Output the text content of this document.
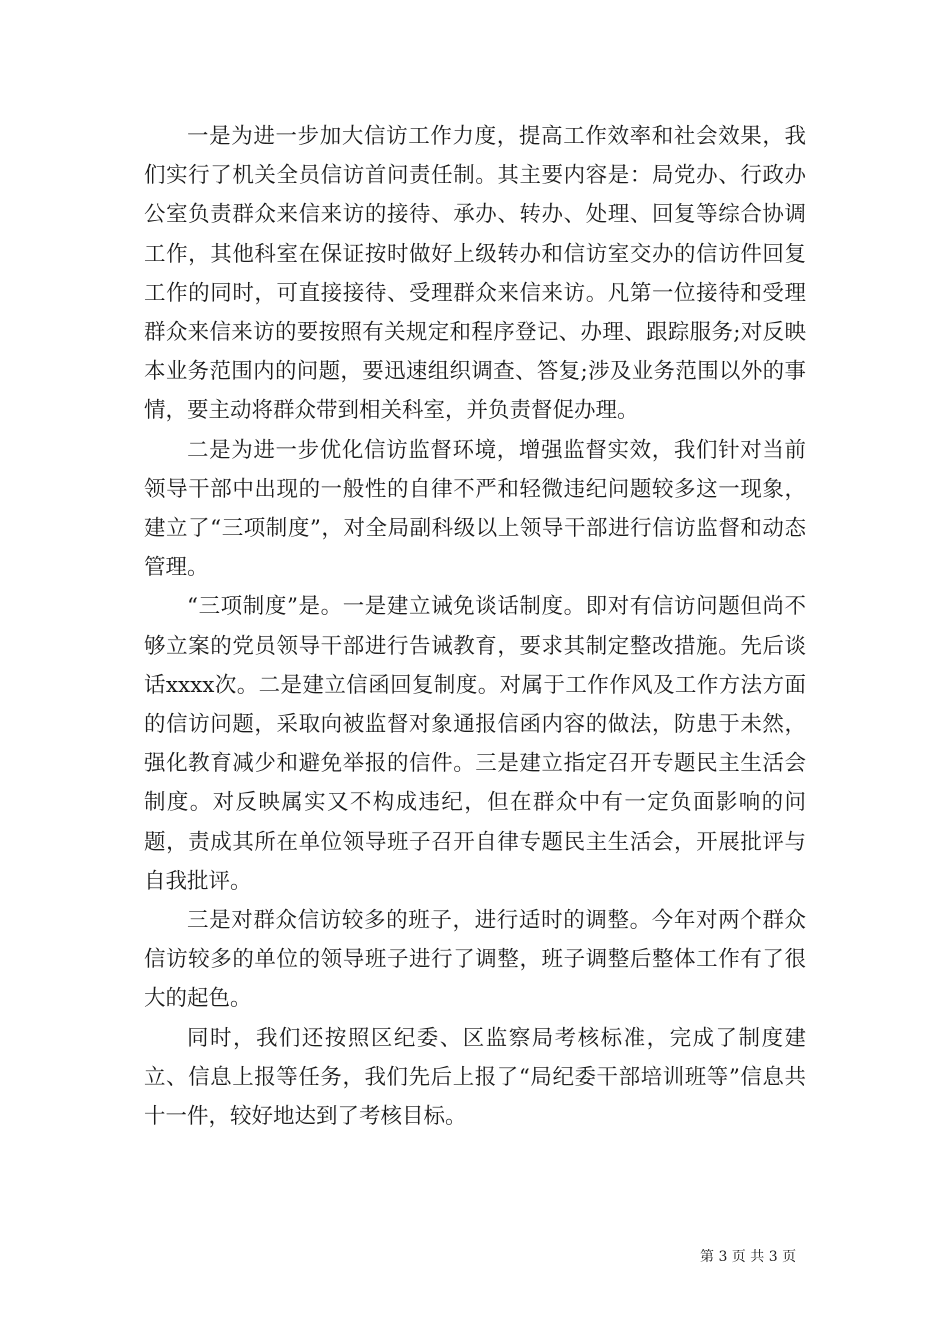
一是为进一步加大信访工作力度，提高工作效率和社会效果，我们实行了机关全员信访首问责任制。其主要内容是：局党办、行政办公室负责群众来信来访的接待、承办、转办、处理、回复等综合协调工作，其他科室在保证按时做好上级转办和信访室交办的信访件回复工作的同时，可直接接待、受理群众来信来访。凡第一位接待和受理群众来信来访的要按照有关规定和程序登记、办理、跟踪服务;对反映本业务范围内的问题，要迅速组织调查、答复;涉及业务范围以外的事情，要主动将群众带到相关科室，并负责督促办理。

二是为进一步优化信访监督环境，增强监督实效，我们针对当前领导干部中出现的一般性的自律不严和轻微违纪问题较多这一现象，建立了“三项制度”，对全局副科级以上领导干部进行信访监督和动态管理。

“三项制度”是。一是建立诫免谈话制度。即对有信访问题但尚不够立案的党员领导干部进行告诫教育，要求其制定整改措施。先后谈话xxxx次。二是建立信函回复制度。对属于工作作风及工作方法方面的信访问题，采取向被监督对象通报信函内容的做法，防患于未然，强化教育减少和避免举报的信件。三是建立指定召开专题民主生活会制度。对反映属实又不构成违纪，但在群众中有一定负面影响的问题，责成其所在单位领导班子召开自律专题民主生活会，开展批评与自我批评。

三是对群众信访较多的班子，进行适时的调整。今年对两个群众信访较多的单位的领导班子进行了调整，班子调整后整体工作有了很大的起色。

同时，我们还按照区纪委、区监察局考核标准，完成了制度建立、信息上报等任务，我们先后上报了“局纪委干部培训班等”信息共十一件，较好地达到了考核目标。

第 3 页 共 3 页
